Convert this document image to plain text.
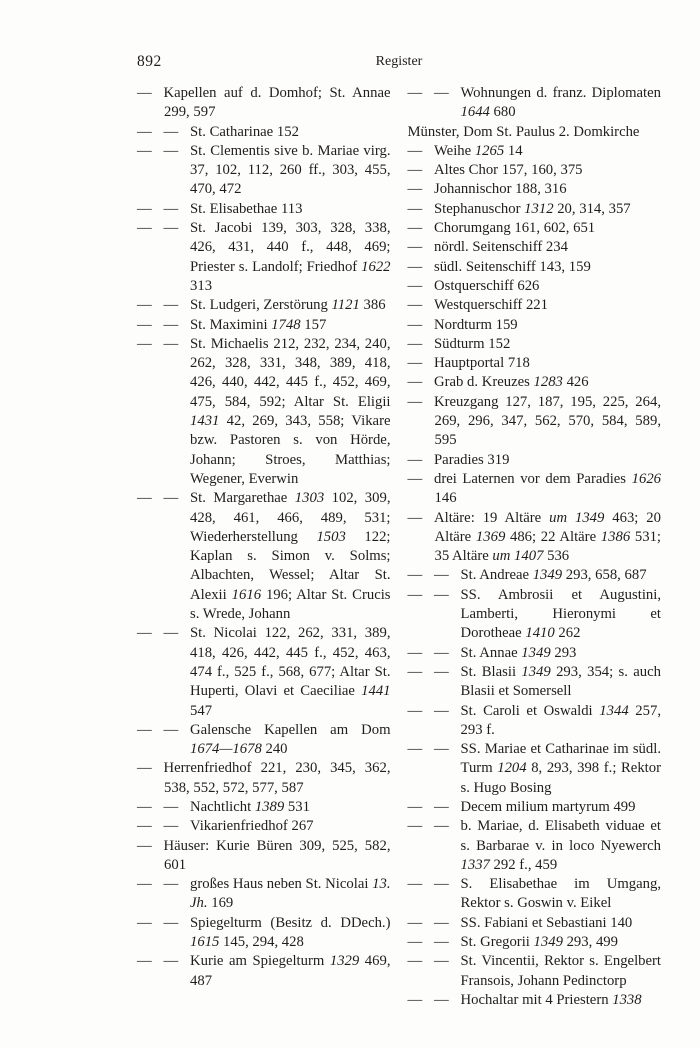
892	Register
— Kapellen auf d. Domhof; St. Annae 299, 597
— — St. Catharinae 152
— — St. Clementis sive b. Mariae virg. 37, 102, 112, 260 ff., 303, 455, 470, 472
— — St. Elisabethae 113
— — St. Jacobi 139, 303, 328, 338, 426, 431, 440 f., 448, 469; Priester s. Landolf; Friedhof 1622 313
— — St. Ludgeri, Zerstörung 1121 386
— — St. Maximini 1748 157
— — St. Michaelis 212, 232, 234, 240, 262, 328, 331, 348, 389, 418, 426, 440, 442, 445 f., 452, 469, 475, 584, 592; Altar St. Eligii 1431 42, 269, 343, 558; Vikare bzw. Pastoren s. von Hörde, Johann; Stroes, Matthias; Wegener, Everwin
— — St. Margarethae 1303 102, 309, 428, 461, 466, 489, 531; Wiederherstellung 1503 122; Kaplan s. Simon v. Solms; Albachten, Wessel; Altar St. Alexii 1616 196; Altar St. Crucis s. Wrede, Johann
— — St. Nicolai 122, 262, 331, 389, 418, 426, 442, 445 f., 452, 463, 474 f., 525 f., 568, 677; Altar St. Huperti, Olavi et Caeciliae 1441 547
— — Galensche Kapellen am Dom 1674—1678 240
— Herrenfriedhof 221, 230, 345, 362, 538, 552, 572, 577, 587
— — Nachtlicht 1389 531
— — Vikarienfriedhof 267
— Häuser: Kurie Büren 309, 525, 582, 601
— — großes Haus neben St. Nicolai 13. Jh. 169
— — Spiegelturm (Besitz d. DDech.) 1615 145, 294, 428
— — Kurie am Spiegelturm 1329 469, 487
— — Wohnungen d. franz. Diplomaten 1644 680
Münster, Dom St. Paulus 2. Domkirche
— Weihe 1265 14
— Altes Chor 157, 160, 375
— Johannischor 188, 316
— Stephanuschor 1312 20, 314, 357
— Chorumgang 161, 602, 651
— nördl. Seitenschiff 234
— südl. Seitenschiff 143, 159
— Ostquerschiff 626
— Westquerschiff 221
— Nordturm 159
— Südturm 152
— Hauptportal 718
— Grab d. Kreuzes 1283 426
— Kreuzgang 127, 187, 195, 225, 264, 269, 296, 347, 562, 570, 584, 589, 595
— Paradies 319
— drei Laternen vor dem Paradies 1626 146
— Altäre: 19 Altäre um 1349 463; 20 Altäre 1369 486; 22 Altäre 1386 531; 35 Altäre um 1407 536
— — St. Andreae 1349 293, 658, 687
— — SS. Ambrosii et Augustini, Lamberti, Hieronymi et Dorotheae 1410 262
— — St. Annae 1349 293
— — St. Blasii 1349 293, 354; s. auch Blasii et Somersell
— — St. Caroli et Oswaldi 1344 257, 293 f.
— — SS. Mariae et Catharinae im südl. Turm 1204 8, 293, 398 f.; Rektor s. Hugo Bosing
— — Decem milium martyrum 499
— — b. Mariae, d. Elisabeth viduae et s. Barbarae v. in loco Nyewerch 1337 292 f., 459
— — S. Elisabethae im Umgang, Rektor s. Goswin v. Eikel
— — SS. Fabiani et Sebastiani 140
— — St. Gregorii 1349 293, 499
— — St. Vincentii, Rektor s. Engelbert Fransois, Johann Pedinctorp
— — Hochaltar mit 4 Priestern 1338
